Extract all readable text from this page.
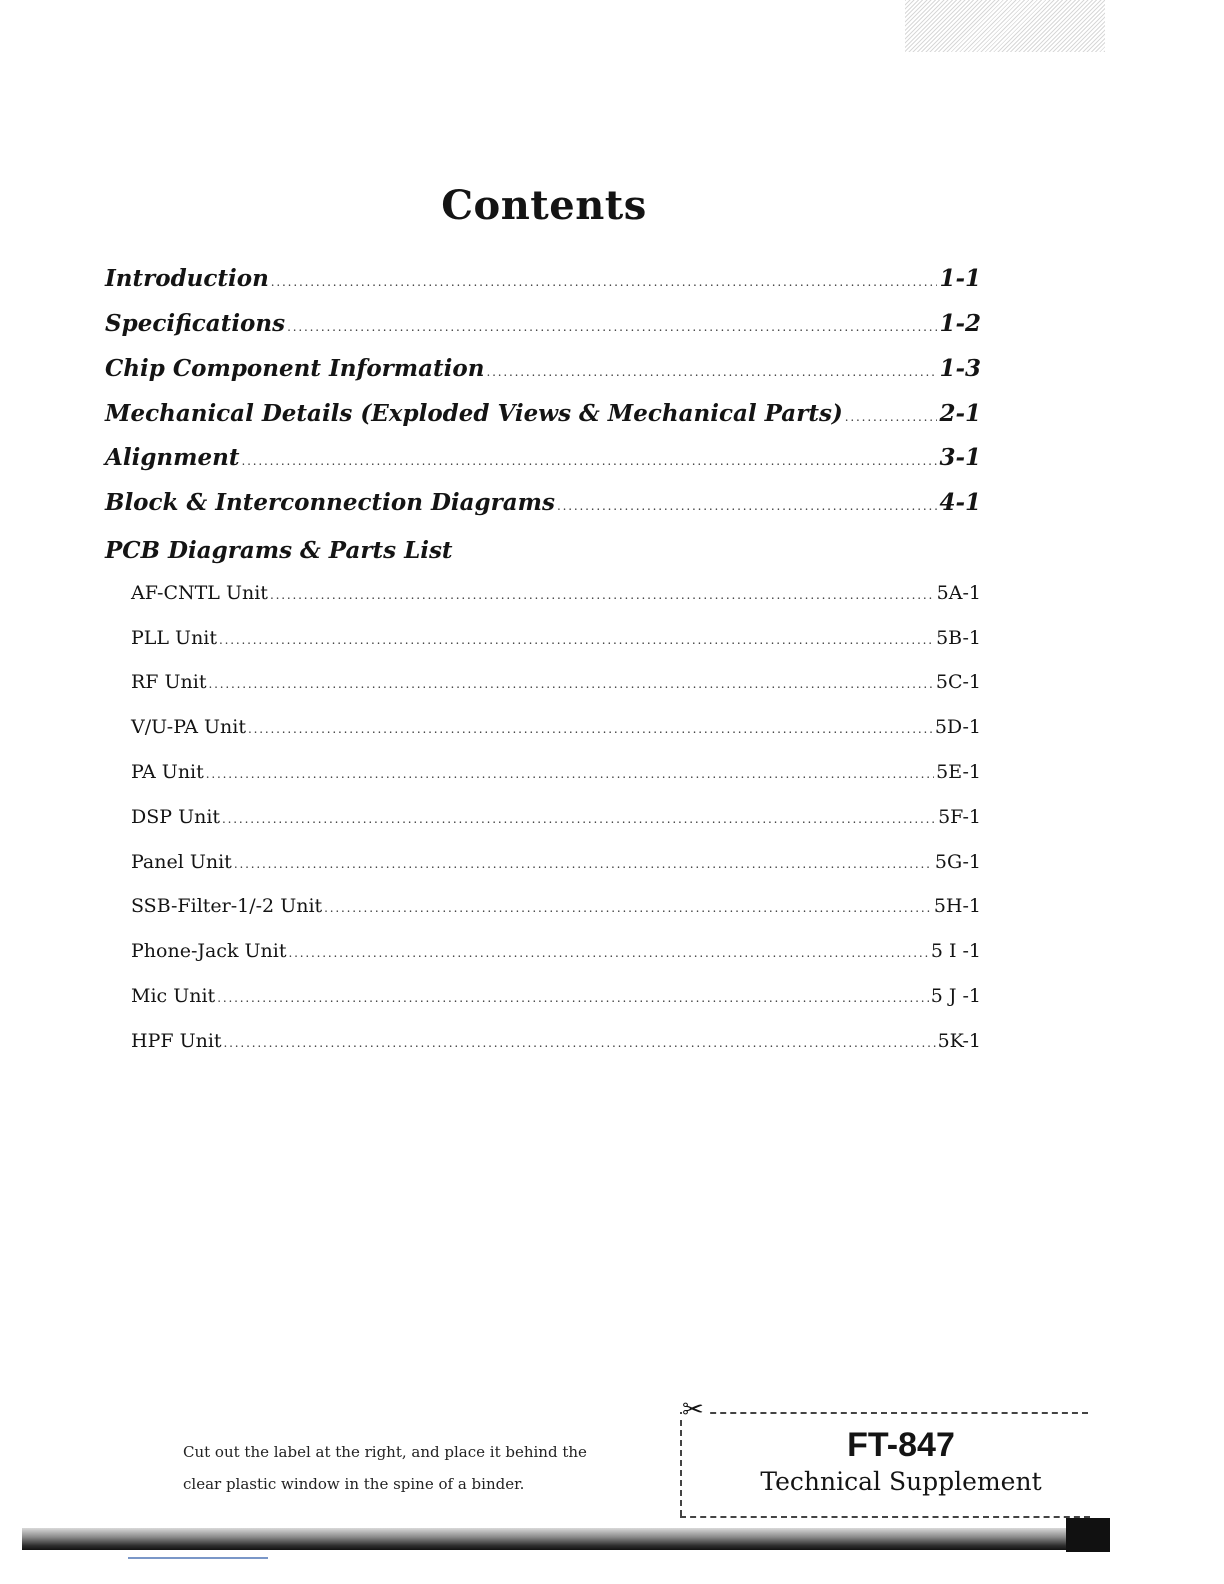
Contents
Introduction . . .	1-1
Specifications . . .	1-2
Chip Component Information . . .	1-3
Mechanical Details (Exploded Views & Mechanical Parts) . . .	2-1
Alignment . . .	3-1
Block & Interconnection Diagrams . . .	4-1
PCB Diagrams & Parts List
AF-CNTL Unit . . .	5A-1
PLL Unit . . .	5B-1
RF Unit . . .	5C-1
V/U-PA Unit . . .	5D-1
PA Unit . . .	5E-1
DSP Unit . . .	5F-1
Panel Unit . . .	5G-1
SSB-Filter-1/-2 Unit . . .	5H-1
Phone-Jack Unit . . .	5 I -1
Mic Unit . . .	5 J -1
HPF Unit . . .	5K-1
Cut out the label at the right, and place it behind the
clear plastic window in the spine of a binder.
✂
FT-847
Technical Supplement
